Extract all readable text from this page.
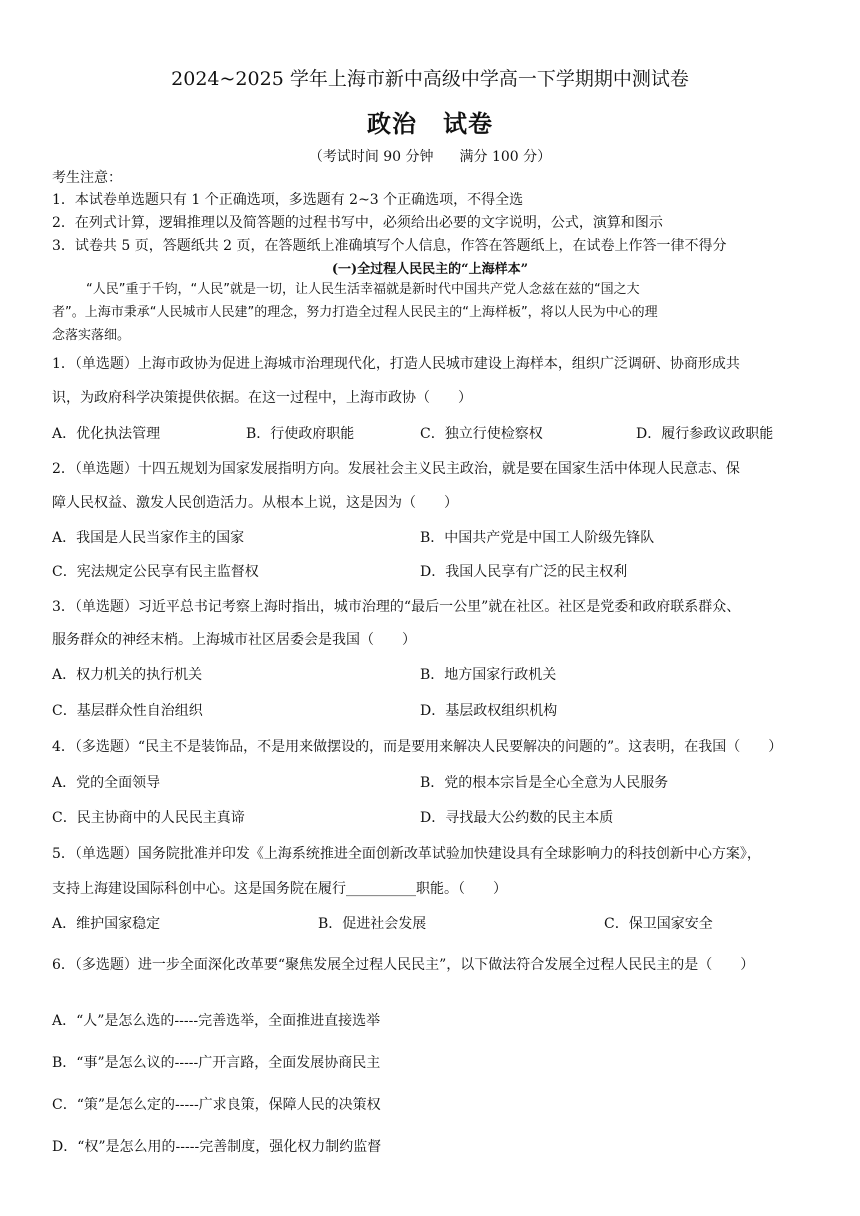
2024~2025 学年上海市新中高级中学高一下学期期中测试卷
政治 试卷
（考试时间 90 分钟 满分 100 分）
考生注意：
1．本试卷单选题只有 1 个正确选项，多选题有 2~3 个正确选项，不得全选
2．在列式计算，逻辑推理以及简答题的过程书写中，必须给出必要的文字说明，公式，演算和图示
3．试卷共 5 页，答题纸共 2 页，在答题纸上准确填写个人信息，作答在答题纸上，在试卷上作答一律不得分
(一)全过程人民民主的“上海样本”
“人民”重于千钧，“人民”就是一切，让人民生活幸福就是新时代中国共产党人念兹在兹的“国之大
者”。上海市秉承“人民城市人民建”的理念，努力打造全过程人民民主的“上海样板”，将以人民为中心的理
念落实落细。
1．（单选题）上海市政协为促进上海城市治理现代化，打造人民城市建设上海样本，组织广泛调研、协商形成共
识，为政府科学决策提供依据。在这一过程中，上海市政协（　　）
A．优化执法管理	B．行使政府职能	C．独立行使检察权	D．履行参政议政职能
2．（单选题）十四五规划为国家发展指明方向。发展社会主义民主政治，就是要在国家生活中体现人民意志、保
障人民权益、激发人民创造活力。从根本上说，这是因为（　　）
A．我国是人民当家作主的国家	B．中国共产党是中国工人阶级先锋队
C．宪法规定公民享有民主监督权	D．我国人民享有广泛的民主权利
3．（单选题）习近平总书记考察上海时指出，城市治理的“最后一公里”就在社区。社区是党委和政府联系群众、
服务群众的神经末梢。上海城市社区居委会是我国（　　）
A．权力机关的执行机关	B．地方国家行政机关
C．基层群众性自治组织	D．基层政权组织机构
4．（多选题）“民主不是装饰品，不是用来做摆设的，而是要用来解决人民要解决的问题的”。这表明，在我国（　　）
A．党的全面领导	B．党的根本宗旨是全心全意为人民服务
C．民主协商中的人民民主真谛	D．寻找最大公约数的民主本质
5．（单选题）国务院批准并印发《上海系统推进全面创新改革试验加快建设具有全球影响力的科技创新中心方案》，
支持上海建设国际科创中心。这是国务院在履行__________职能。（　　）
A．维护国家稳定	B．促进社会发展	C．保卫国家安全
6．（多选题）进一步全面深化改革要“聚焦发展全过程人民民主”，以下做法符合发展全过程人民民主的是（　　）
A．“人”是怎么选的-----完善选举，全面推进直接选举
B．“事”是怎么议的-----广开言路，全面发展协商民主
C．“策”是怎么定的-----广求良策，保障人民的决策权
D．“权”是怎么用的-----完善制度，强化权力制约监督
